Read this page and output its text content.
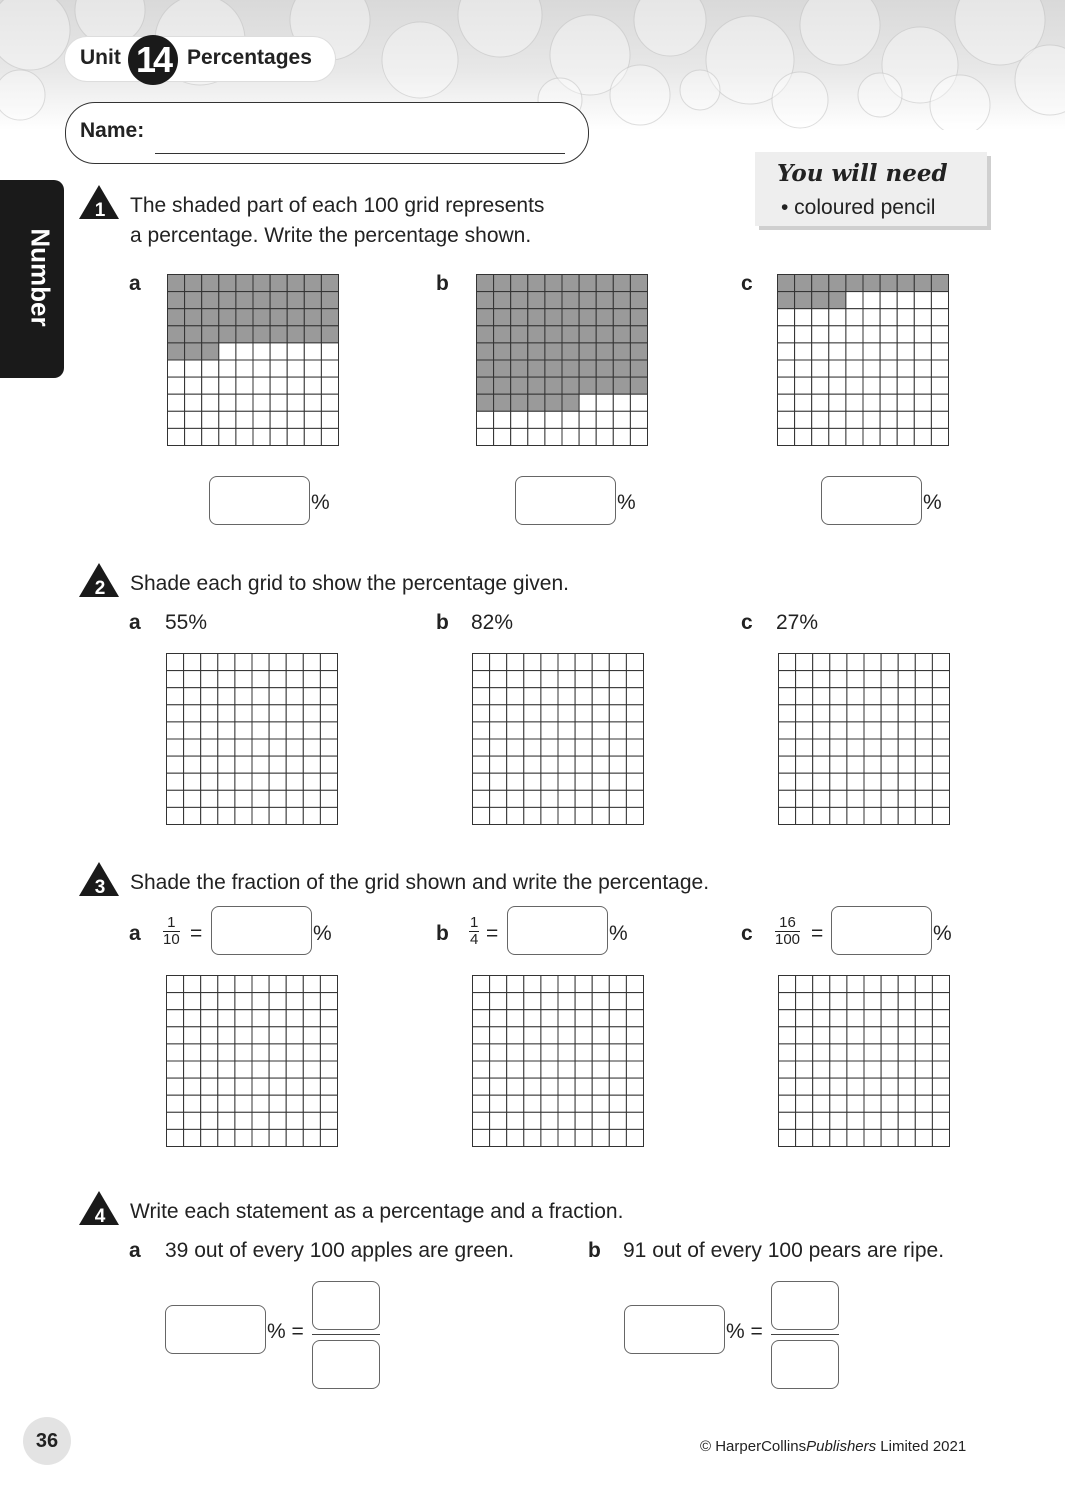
Unit 14 Percentages
Name:
Number
You will need
• coloured pencil
1 The shaded part of each 100 grid represents
a percentage. Write the percentage shown.
a	b	c
%	%	%
2 Shade each grid to show the percentage given.
a 55%	b 82%	c 27%
3 Shade the fraction of the grid shown and write the percentage.
a $\frac{1}{10}$ =	%	b $\frac{1}{4}$ =	%	c $\frac{16}{100}$ =	%
4 Write each statement as a percentage and a fraction.
a 39 out of every 100 apples are green.	b 91 out of every 100 pears are ripe.
% =	% =
36	© HarperCollinsPublishers Limited 2021
